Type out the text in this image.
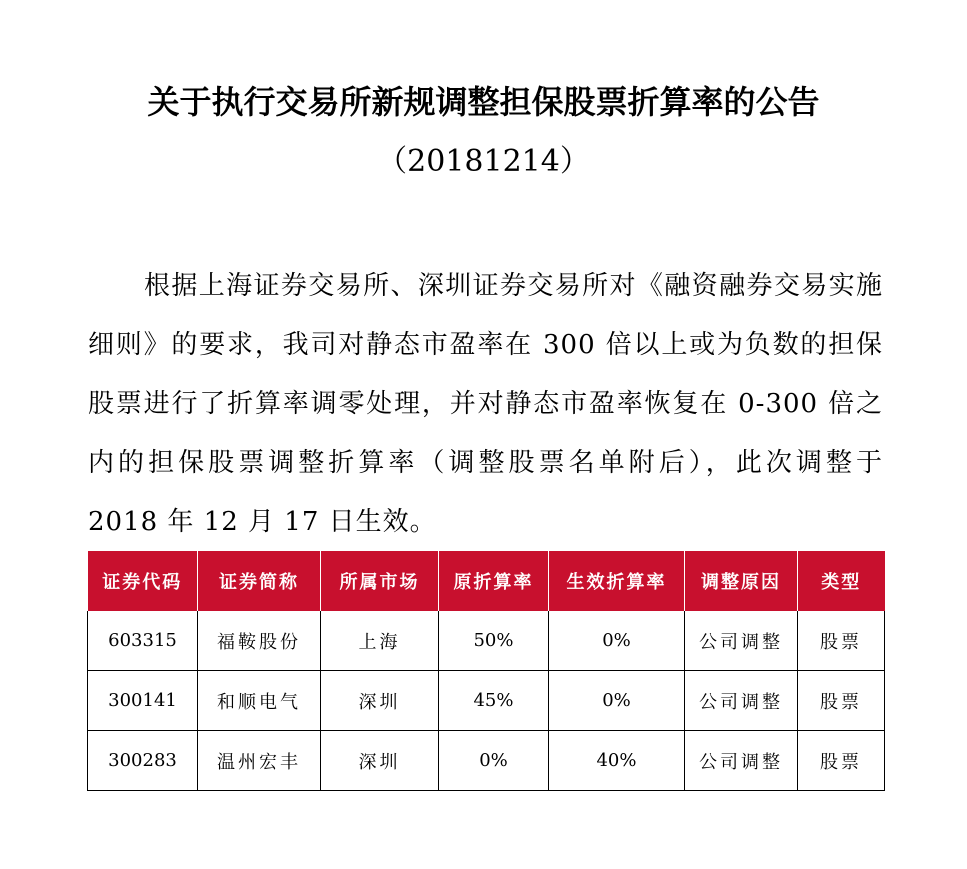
关于执行交易所新规调整担保股票折算率的公告
（20181214）

根据上海证券交易所、深圳证券交易所对《融资融券交易实施细则》的要求，我司对静态市盈率在 300 倍以上或为负数的担保股票进行了折算率调零处理，并对静态市盈率恢复在 0-300 倍之内的担保股票调整折算率（调整股票名单附后），此次调整于 2018 年 12 月 17 日生效。

证券代码	证券简称	所属市场	原折算率	生效折算率	调整原因	类型
603315	福鞍股份	上海	50%	0%	公司调整	股票
300141	和顺电气	深圳	45%	0%	公司调整	股票
300283	温州宏丰	深圳	0%	40%	公司调整	股票
